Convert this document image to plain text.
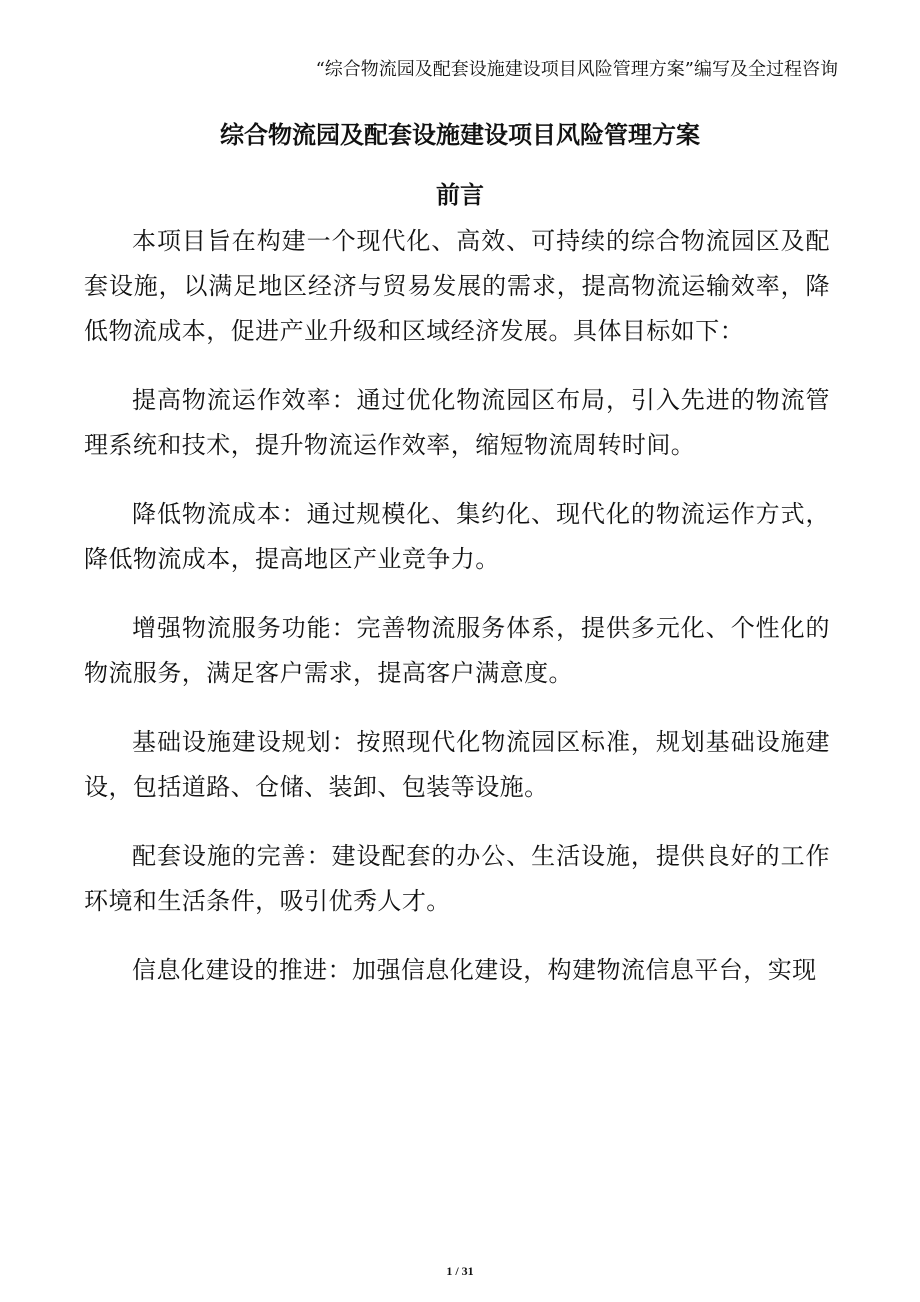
“综合物流园及配套设施建设项目风险管理方案”编写及全过程咨询
综合物流园及配套设施建设项目风险管理方案
前言

本项目旨在构建一个现代化、高效、可持续的综合物流园区及配套设施，以满足地区经济与贸易发展的需求，提高物流运输效率，降低物流成本，促进产业升级和区域经济发展。具体目标如下：

提高物流运作效率：通过优化物流园区布局，引入先进的物流管理系统和技术，提升物流运作效率，缩短物流周转时间。

降低物流成本：通过规模化、集约化、现代化的物流运作方式，降低物流成本，提高地区产业竞争力。

增强物流服务功能：完善物流服务体系，提供多元化、个性化的物流服务，满足客户需求，提高客户满意度。

基础设施建设规划：按照现代化物流园区标准，规划基础设施建设，包括道路、仓储、装卸、包装等设施。

配套设施的完善：建设配套的办公、生活设施，提供良好的工作环境和生活条件，吸引优秀人才。

信息化建设的推进：加强信息化建设，构建物流信息平台，实现

1 / 31
